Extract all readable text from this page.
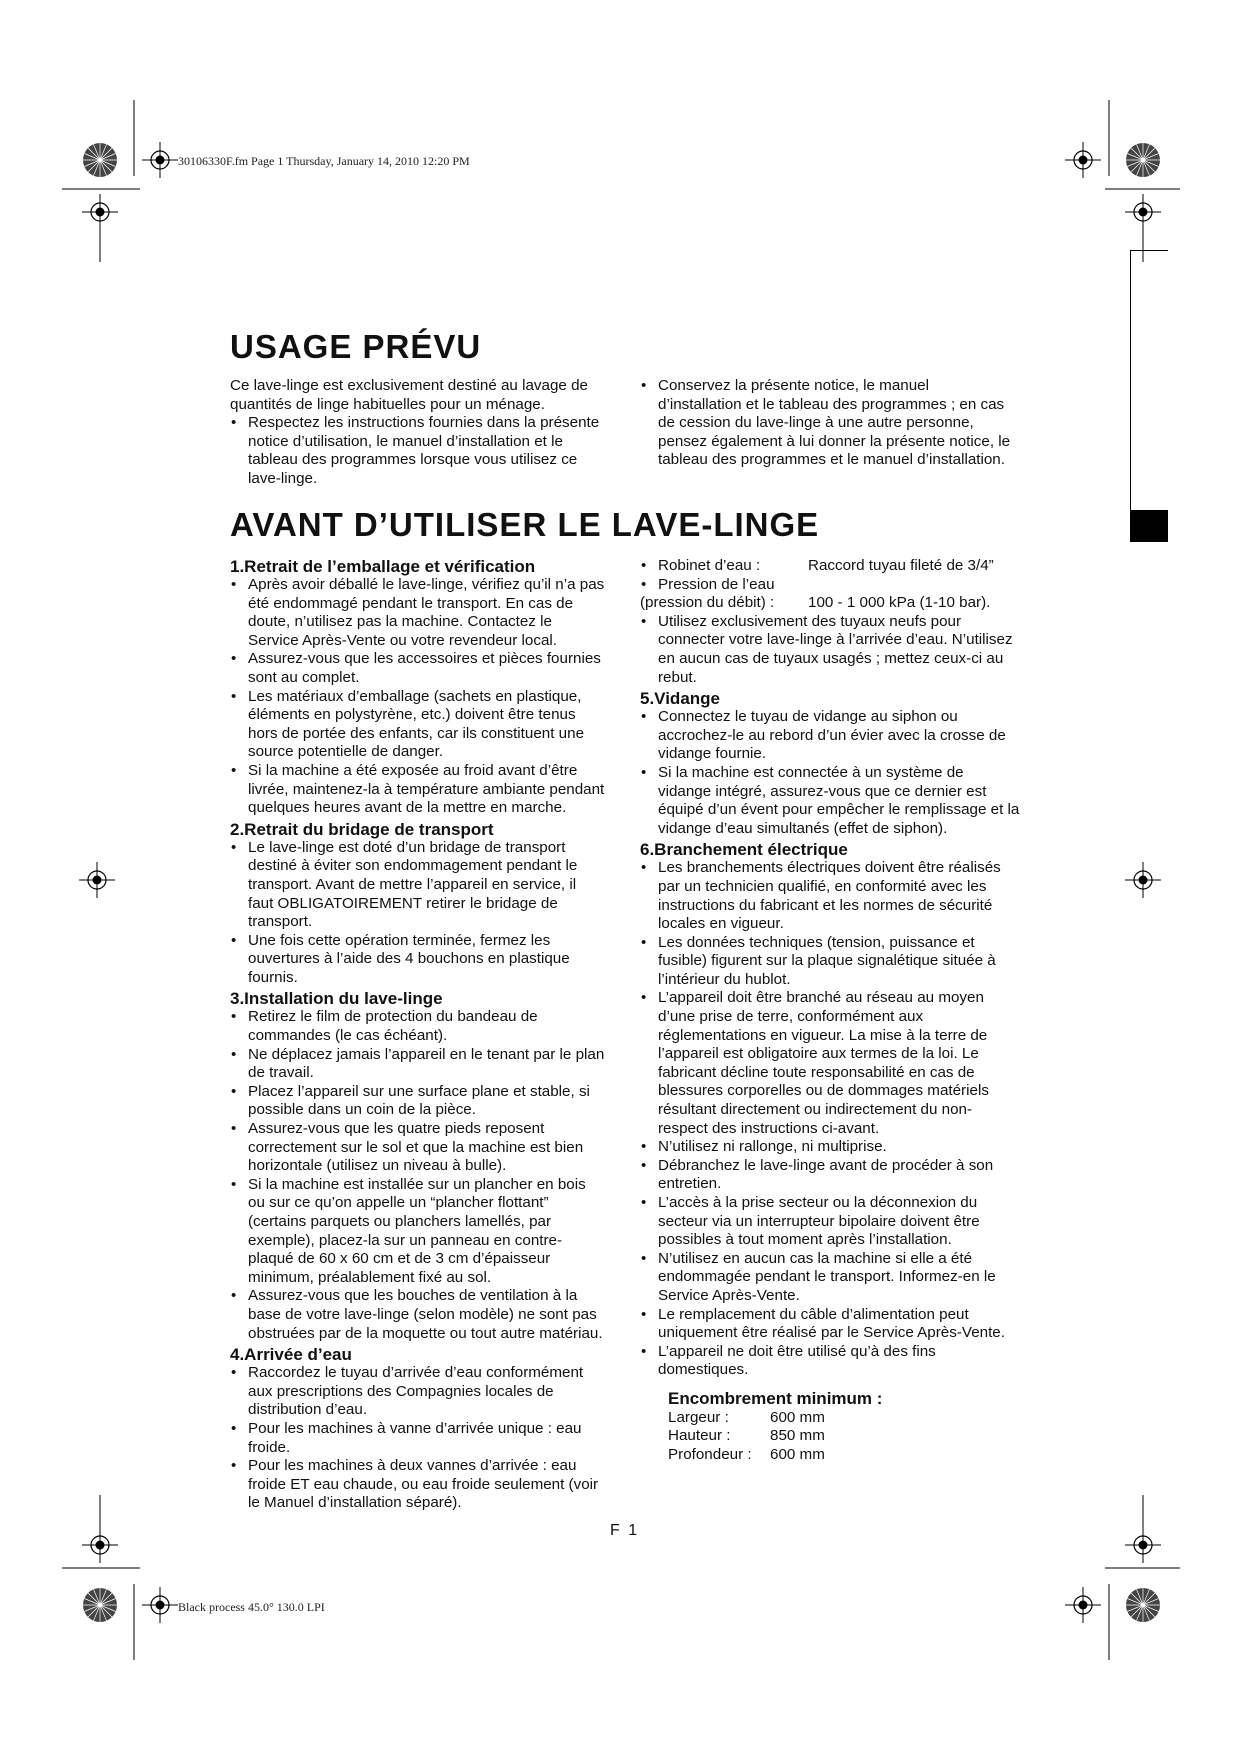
30106330F.fm Page 1 Thursday, January 14, 2010 12:20 PM
Black process 45.0° 130.0 LPI
USAGE PRÉVU

Ce lave-linge est exclusivement destiné au lavage de quantités de linge habituelles pour un ménage.

• Respectez les instructions fournies dans la présente notice d’utilisation, le manuel d’installation et le tableau des programmes lorsque vous utilisez ce lave-linge.
• Conservez la présente notice, le manuel d’installation et le tableau des programmes ; en cas de cession du lave-linge à une autre personne, pensez également à lui donner la présente notice, le tableau des programmes et le manuel d’installation.
AVANT D’UTILISER LE LAVE-LINGE
1.Retrait de l’emballage et vérification
• Après avoir déballé le lave-linge, vérifiez qu’il n’a pas été endommagé pendant le transport. En cas de doute, n’utilisez pas la machine. Contactez le Service Après-Vente ou votre revendeur local.
• Assurez-vous que les accessoires et pièces fournies sont au complet.
• Les matériaux d’emballage (sachets en plastique, éléments en polystyrène, etc.) doivent être tenus hors de portée des enfants, car ils constituent une source potentielle de danger.
• Si la machine a été exposée au froid avant d’être livrée, maintenez-la à température ambiante pendant quelques heures avant de la mettre en marche.
2.Retrait du bridage de transport
• Le lave-linge est doté d’un bridage de transport destiné à éviter son endommagement pendant le transport. Avant de mettre l’appareil en service, il faut OBLIGATOIREMENT retirer le bridage de transport.
• Une fois cette opération terminée, fermez les ouvertures à l’aide des 4 bouchons en plastique fournis.
3.Installation du lave-linge
• Retirez le film de protection du bandeau de commandes (le cas échéant).
• Ne déplacez jamais l’appareil en le tenant par le plan de travail.
• Placez l’appareil sur une surface plane et stable, si possible dans un coin de la pièce.
• Assurez-vous que les quatre pieds reposent correctement sur le sol et que la machine est bien horizontale (utilisez un niveau à bulle).
• Si la machine est installée sur un plancher en bois ou sur ce qu’on appelle un “plancher flottant” (certains parquets ou planchers lamellés, par exemple), placez-la sur un panneau en contre-plaqué de 60 x 60 cm et de 3 cm d’épaisseur minimum, préalablement fixé au sol.
• Assurez-vous que les bouches de ventilation à la base de votre lave-linge (selon modèle) ne sont pas obstruées par de la moquette ou tout autre matériau.
4.Arrivée d’eau
• Raccordez le tuyau d’arrivée d’eau conformément aux prescriptions des Compagnies locales de distribution d’eau.
• Pour les machines à vanne d’arrivée unique : eau froide.
• Pour les machines à deux vannes d’arrivée : eau froide ET eau chaude, ou eau froide seulement (voir le Manuel d’installation séparé).
• Robinet d’eau :	Raccord tuyau fileté de 3/4”
• Pression de l’eau
(pression du débit) :	100 - 1 000 kPa (1-10 bar).
• Utilisez exclusivement des tuyaux neufs pour connecter votre lave-linge à l’arrivée d’eau. N’utilisez en aucun cas de tuyaux usagés ; mettez ceux-ci au rebut.
5.Vidange
• Connectez le tuyau de vidange au siphon ou accrochez-le au rebord d’un évier avec la crosse de vidange fournie.
• Si la machine est connectée à un système de vidange intégré, assurez-vous que ce dernier est équipé d’un évent pour empêcher le remplissage et la vidange d’eau simultanés (effet de siphon).
6.Branchement électrique
• Les branchements électriques doivent être réalisés par un technicien qualifié, en conformité avec les instructions du fabricant et les normes de sécurité locales en vigueur.
• Les données techniques (tension, puissance et fusible) figurent sur la plaque signalétique située à l’intérieur du hublot.
• L’appareil doit être branché au réseau au moyen d’une prise de terre, conformément aux réglementations en vigueur. La mise à la terre de l’appareil est obligatoire aux termes de la loi. Le fabricant décline toute responsabilité en cas de blessures corporelles ou de dommages matériels résultant directement ou indirectement du non-respect des instructions ci-avant.
• N’utilisez ni rallonge, ni multiprise.
• Débranchez le lave-linge avant de procéder à son entretien.
• L’accès à la prise secteur ou la déconnexion du secteur via un interrupteur bipolaire doivent être possibles à tout moment après l’installation.
• N’utilisez en aucun cas la machine si elle a été endommagée pendant le transport. Informez-en le Service Après-Vente.
• Le remplacement du câble d’alimentation peut uniquement être réalisé par le Service Après-Vente.
• L’appareil ne doit être utilisé qu’à des fins domestiques.
Encombrement minimum :
Largeur :	600 mm
Hauteur :	850 mm
Profondeur :	600 mm
F 1
